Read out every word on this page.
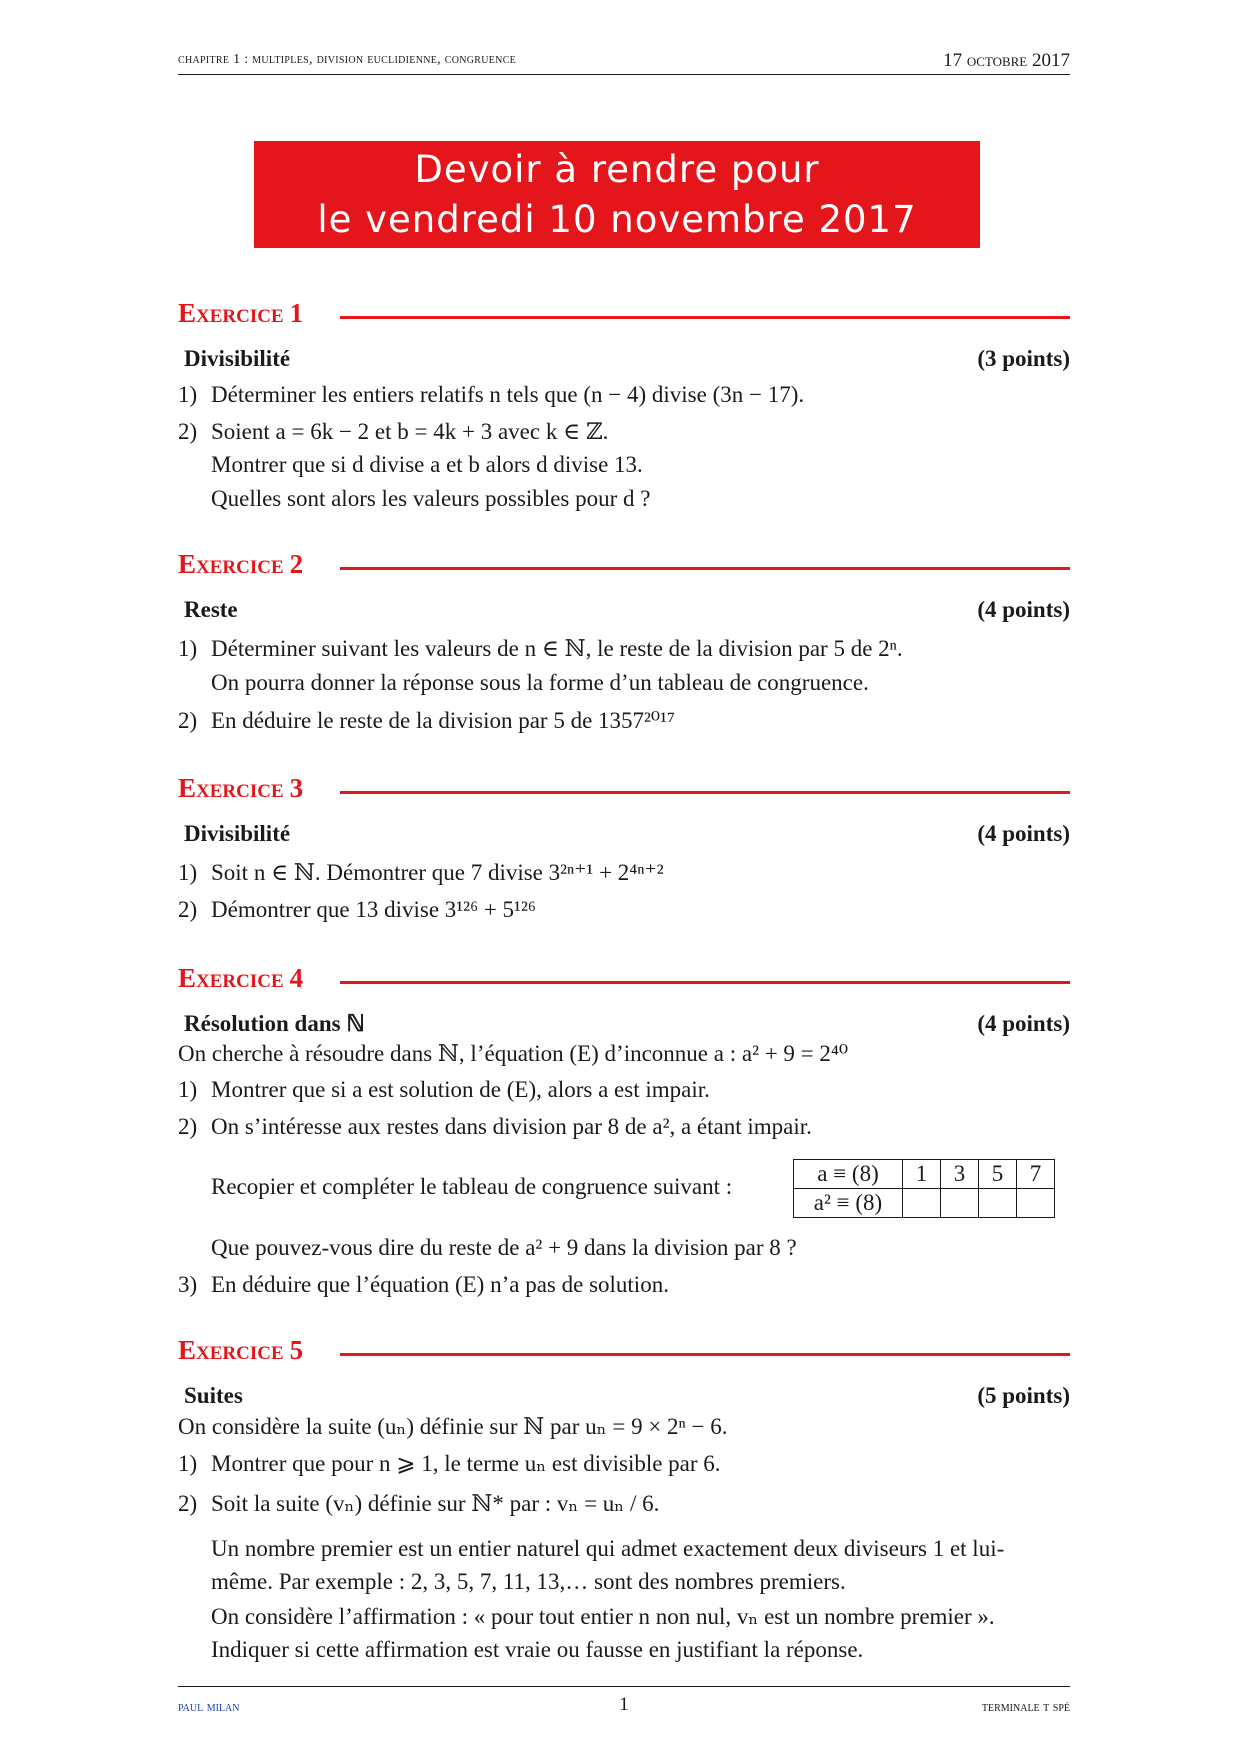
chapitre 1 : multiples, division euclidienne, congruence	17 octobre 2017
Devoir à rendre pour
le vendredi 10 novembre 2017
Exercice 1
Divisibilité	(3 points)
1) Déterminer les entiers relatifs n tels que (n − 4) divise (3n − 17).
2) Soient a = 6k − 2 et b = 4k + 3 avec k ∈ ℤ.
Montrer que si d divise a et b alors d divise 13.
Quelles sont alors les valeurs possibles pour d ?
Exercice 2
Reste	(4 points)
1) Déterminer suivant les valeurs de n ∈ ℕ, le reste de la division par 5 de 2ⁿ.
On pourra donner la réponse sous la forme d’un tableau de congruence.
2) En déduire le reste de la division par 5 de 1357²⁰¹⁷
Exercice 3
Divisibilité	(4 points)
1) Soit n ∈ ℕ. Démontrer que 7 divise 3²ⁿ⁺¹ + 2⁴ⁿ⁺²
2) Démontrer que 13 divise 3¹²⁶ + 5¹²⁶
Exercice 4
Résolution dans ℕ	(4 points)
On cherche à résoudre dans ℕ, l’équation (E) d’inconnue a : a² + 9 = 2⁴⁰
1) Montrer que si a est solution de (E), alors a est impair.
2) On s’intéresse aux restes dans division par 8 de a², a étant impair.
Recopier et compléter le tableau de congruence suivant :
a ≡ (8)	1	3	5	7
a² ≡ (8)				
Que pouvez-vous dire du reste de a² + 9 dans la division par 8 ?
3) En déduire que l’équation (E) n’a pas de solution.
Exercice 5
Suites	(5 points)
On considère la suite (uₙ) définie sur ℕ par uₙ = 9 × 2ⁿ − 6.
1) Montrer que pour n ⩾ 1, le terme uₙ est divisible par 6.
2) Soit la suite (vₙ) définie sur ℕ* par : vₙ = uₙ / 6.
Un nombre premier est un entier naturel qui admet exactement deux diviseurs 1 et lui-
même. Par exemple : 2, 3, 5, 7, 11, 13,… sont des nombres premiers.
On considère l’affirmation : « pour tout entier n non nul, vₙ est un nombre premier ».
Indiquer si cette affirmation est vraie ou fausse en justifiant la réponse.
paul milan	1	terminale t spé
